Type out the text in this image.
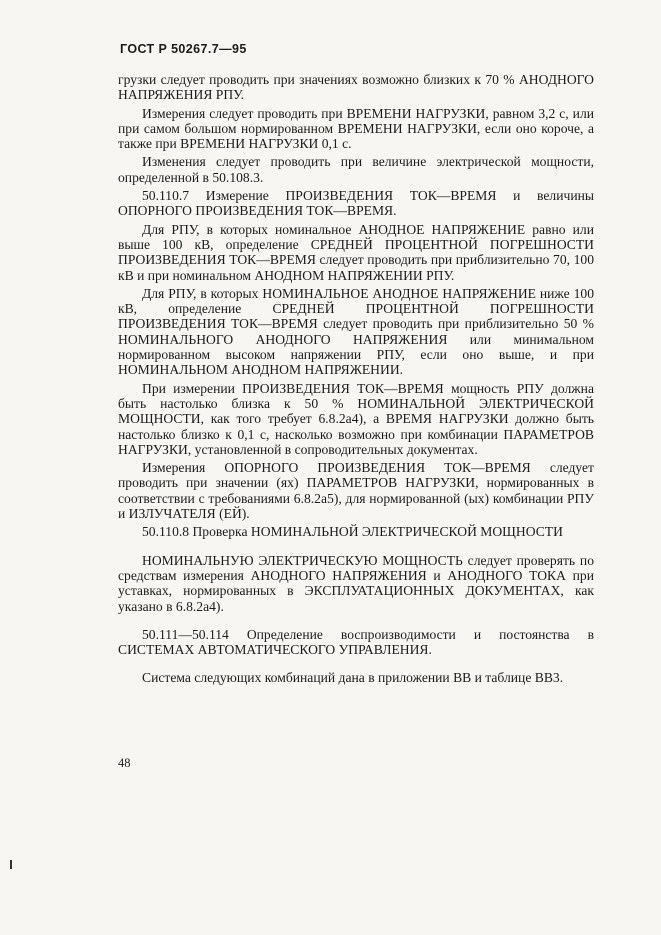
ГОСТ Р 50267.7—95

грузки следует проводить при значениях возможно близких к 70 % АНОДНОГО НАПРЯЖЕНИЯ РПУ.

Измерения следует проводить при ВРЕМЕНИ НАГРУЗКИ, равном 3,2 с, или при самом большом нормированном ВРЕМЕНИ НАГРУЗКИ, если оно короче, а также при ВРЕМЕНИ НАГРУЗКИ 0,1 с.

Изменения следует проводить при величине электрической мощности, определенной в 50.108.3.

50.110.7 Измерение ПРОИЗВЕДЕНИЯ ТОК—ВРЕМЯ и величины ОПОРНОГО ПРОИЗВЕДЕНИЯ ТОК—ВРЕМЯ.

Для РПУ, в которых номинальное АНОДНОЕ НАПРЯЖЕНИЕ равно или выше 100 кВ, определение СРЕДНЕЙ ПРОЦЕНТНОЙ ПОГРЕШНОСТИ ПРОИЗВЕДЕНИЯ ТОК—ВРЕМЯ следует проводить при приблизительно 70, 100 кВ и при номинальном АНОДНОМ НАПРЯЖЕНИИ РПУ.

Для РПУ, в которых НОМИНАЛЬНОЕ АНОДНОЕ НАПРЯЖЕНИЕ ниже 100 кВ, определение СРЕДНЕЙ ПРОЦЕНТНОЙ ПОГРЕШНОСТИ ПРОИЗВЕДЕНИЯ ТОК—ВРЕМЯ следует проводить при приблизительно 50 % НОМИНАЛЬНОГО АНОДНОГО НАПРЯЖЕНИЯ или минимальном нормированном высоком напряжении РПУ, если оно выше, и при НОМИНАЛЬНОМ АНОДНОМ НАПРЯЖЕНИИ.

При измерении ПРОИЗВЕДЕНИЯ ТОК—ВРЕМЯ мощность РПУ должна быть настолько близка к 50 % НОМИНАЛЬНОЙ ЭЛЕКТРИЧЕСКОЙ МОЩНОСТИ, как того требует 6.8.2а4), а ВРЕМЯ НАГРУЗКИ должно быть настолько близко к 0,1 с, насколько возможно при комбинации ПАРАМЕТРОВ НАГРУЗКИ, установленной в сопроводительных документах.

Измерения ОПОРНОГО ПРОИЗВЕДЕНИЯ ТОК—ВРЕМЯ следует проводить при значении (ях) ПАРАМЕТРОВ НАГРУЗКИ, нормированных в соответствии с требованиями 6.8.2а5), для нормированной (ых) комбинации РПУ и ИЗЛУЧАТЕЛЯ (ЕЙ).

50.110.8 Проверка НОМИНАЛЬНОЙ ЭЛЕКТРИЧЕСКОЙ МОЩНОСТИ

НОМИНАЛЬНУЮ ЭЛЕКТРИЧЕСКУЮ МОЩНОСТЬ следует проверять по средствам измерения АНОДНОГО НАПРЯЖЕНИЯ и АНОДНОГО ТОКА при уставках, нормированных в ЭКСПЛУАТАЦИОННЫХ ДОКУМЕНТАХ, как указано в 6.8.2а4).

50.111—50.114 Определение воспроизводимости и постоянства в СИСТЕМАХ АВТОМАТИЧЕСКОГО УПРАВЛЕНИЯ.

Система следующих комбинаций дана в приложении ВВ и таблице ВВ3.

48
